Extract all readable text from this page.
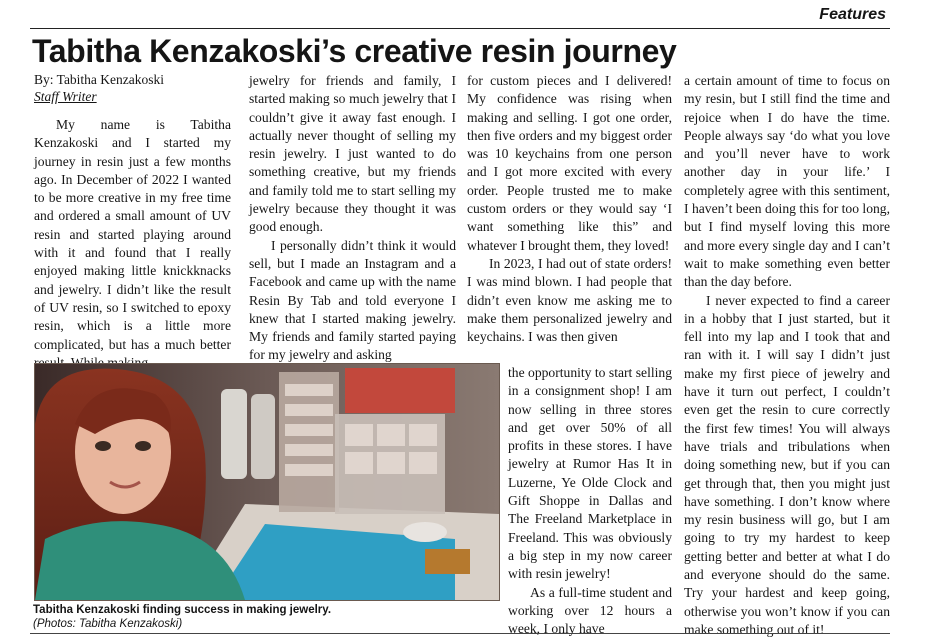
Features
Tabitha Kenzakoski’s creative resin journey
By: Tabitha Kenzakoski
Staff Writer

My name is Tabitha Kenzakoski and I started my journey in resin just a few months ago. In December of 2022 I wanted to be more creative in my free time and ordered a small amount of UV resin and started playing around with it and found that I really enjoyed making little knickknacks and jewelry. I didn’t like the result of UV resin, so I switched to epoxy resin, which is a little more complicated, but has a much better

jewelry for friends and family, I started making so much jewelry that I couldn’t give it away fast enough. I actually never thought of selling my resin jewelry. I just wanted to do something creative, but my friends and family told me to start selling my jewelry because they thought it was good enough.

I personally didn’t think it would sell, but I made an Instagram and a Facebook and came up with the name Resin By Tab and told everyone I knew that I started making jewelry. My friends and family started paying for my jewelry and asking

for custom pieces and I delivered! My confidence was rising when making and selling. I got one order, then five orders and my biggest order was 10 keychains from one person and I got more excited with every order. People trusted me to make custom orders or they would say ‘I want something like this” and whatever I brought them, they loved!

In 2023, I had out of state orders! I was mind blown. I had people that didn’t even know me asking me to make them personalized jewelry and keychains. I was then given

the opportunity to start selling in a consignment shop! I am now selling in three stores and get over 50% of all profits in these stores. I have jewelry at Rumor Has It in Luzerne, Ye Olde Clock and Gift Shoppe in Dallas and The Freeland Marketplace in Freeland. This was obviously a big step in my now career with resin jewelry!

As a full-time student and working over 12 hours a week, I only have

a certain amount of time to focus on my resin, but I still find the time and rejoice when I do have the time. People always say ‘do what you love and you’ll never have to work another day in your life.’ I completely agree with this sentiment, I haven’t been doing this for too long, but I find myself loving this more and more every single day and I can’t wait to make something even better than the day before.

I never expected to find a career in a hobby that I just started, but it fell into my lap and I took that and ran with it. I will say I didn’t just make my first piece of jewelry and have it turn out perfect, I couldn’t even get the resin to cure correctly the first few times! You will always have trials and tribulations when doing something new, but if you can get through that, then you might just have something. I don’t know where my resin business will go, but I am going to try my hardest to keep getting better and better at what I do and everyone should do the same. Try your hardest and keep going, otherwise you won’t know if you can make something out of it!

Tabitha Kenzakoski finding success in making jewelry.
(Photos: Tabitha Kenzakoski)
